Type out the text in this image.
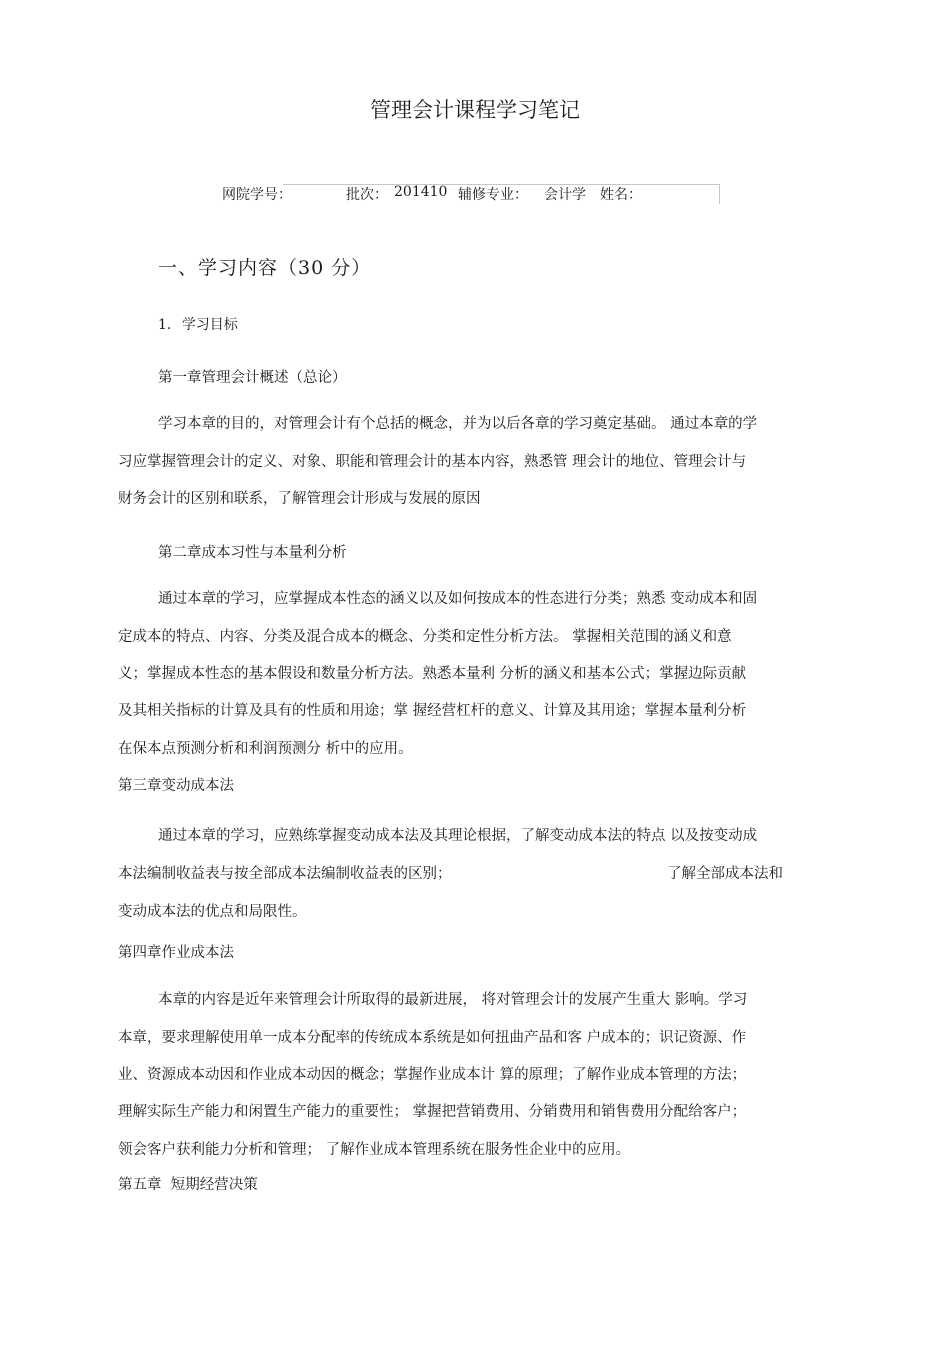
管理会计课程学习笔记
网院学号：	批次： 201410 辅修专业： 会计学 姓名：
一、学习内容（30 分）
1. 学习目标
第一章管理会计概述（总论）

学习本章的目的，对管理会计有个总括的概念，并为以后各章的学习奠定基础。 通过本章的学

习应掌握管理会计的定义、对象、职能和管理会计的基本内容，熟悉管 理会计的地位、管理会计与

财务会计的区别和联系，了解管理会计形成与发展的原因

第二章成本习性与本量利分析

通过本章的学习，应掌握成本性态的涵义以及如何按成本的性态进行分类；熟悉 变动成本和固

定成本的特点、内容、分类及混合成本的概念、分类和定性分析方法。 掌握相关范围的涵义和意

义；掌握成本性态的基本假设和数量分析方法。熟悉本量利 分析的涵义和基本公式；掌握边际贡献

及其相关指标的计算及具有的性质和用途；掌 握经营杠杆的意义、计算及其用途；掌握本量利分析

在保本点预测分析和利润预测分 析中的应用。

第三章变动成本法

通过本章的学习，应熟练掌握变动成本法及其理论根据，了解变动成本法的特点 以及按变动成

本法编制收益表与按全部成本法编制收益表的区别；	了解全部成本法和

变动成本法的优点和局限性。

第四章作业成本法

本章的内容是近年来管理会计所取得的最新进展， 将对管理会计的发展产生重大 影响。学习

本章，要求理解使用单一成本分配率的传统成本系统是如何扭曲产品和客 户成本的；识记资源、作

业、资源成本动因和作业成本动因的概念；掌握作业成本计 算的原理；了解作业成本管理的方法；

理解实际生产能力和闲置生产能力的重要性； 掌握把营销费用、分销费用和销售费用分配给客户；

领会客户获利能力分析和管理； 了解作业成本管理系统在服务性企业中的应用。

第五章  短期经营决策
